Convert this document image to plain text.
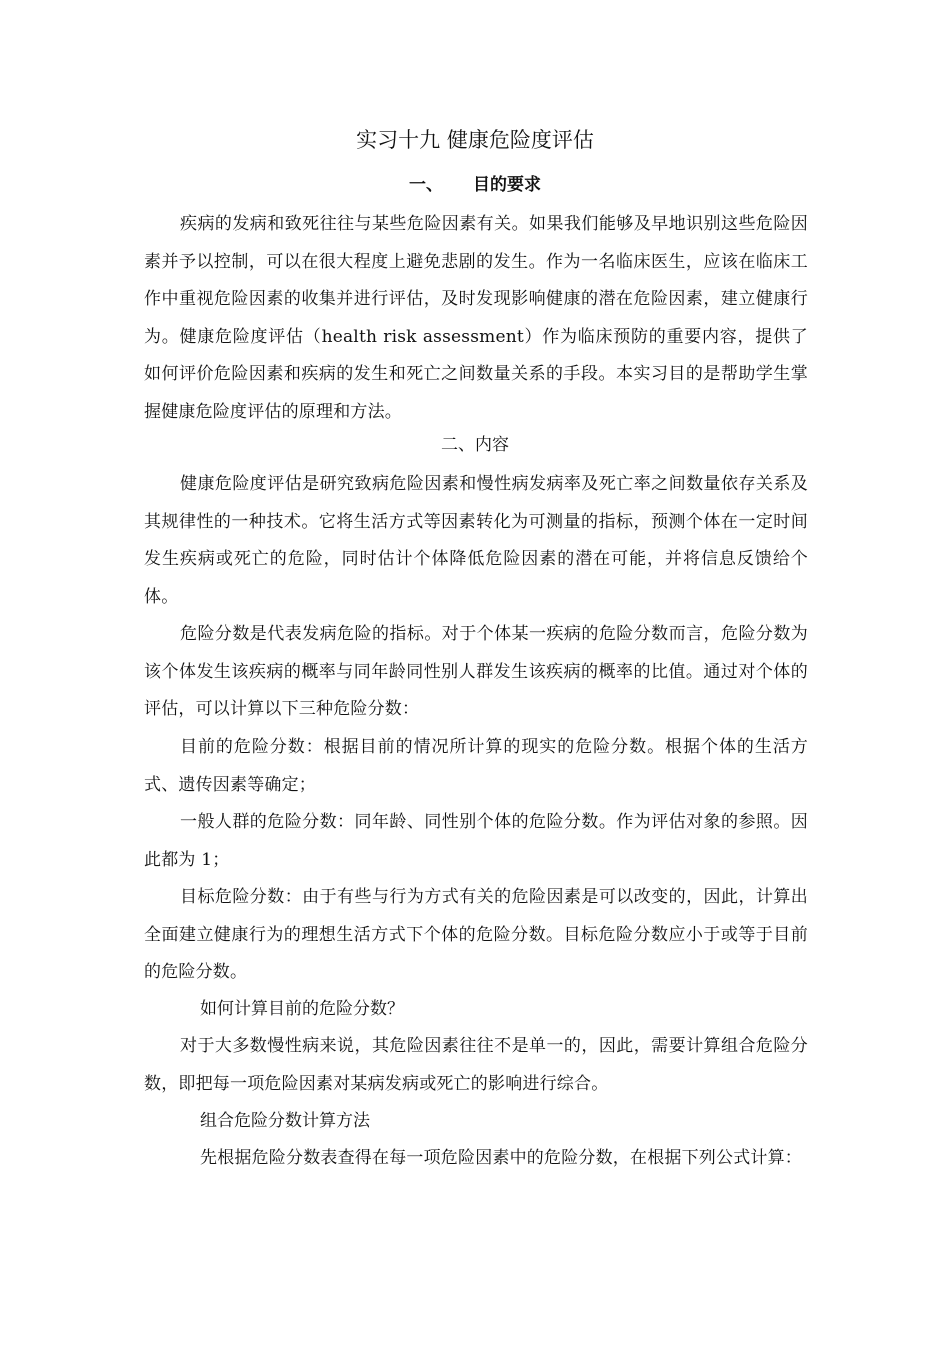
实习十九 健康危险度评估
一、 目的要求

疾病的发病和致死往往与某些危险因素有关。如果我们能够及早地识别这些危险因素并予以控制，可以在很大程度上避免悲剧的发生。作为一名临床医生，应该在临床工作中重视危险因素的收集并进行评估，及时发现影响健康的潜在危险因素，建立健康行为。健康危险度评估（health risk assessment）作为临床预防的重要内容，提供了如何评价危险因素和疾病的发生和死亡之间数量关系的手段。本实习目的是帮助学生掌握健康危险度评估的原理和方法。

二、内容

健康危险度评估是研究致病危险因素和慢性病发病率及死亡率之间数量依存关系及其规律性的一种技术。它将生活方式等因素转化为可测量的指标，预测个体在一定时间发生疾病或死亡的危险，同时估计个体降低危险因素的潜在可能，并将信息反馈给个体。

危险分数是代表发病危险的指标。对于个体某一疾病的危险分数而言，危险分数为该个体发生该疾病的概率与同年龄同性别人群发生该疾病的概率的比值。通过对个体的评估，可以计算以下三种危险分数：

目前的危险分数：根据目前的情况所计算的现实的危险分数。根据个体的生活方式、遗传因素等确定；

一般人群的危险分数：同年龄、同性别个体的危险分数。作为评估对象的参照。因此都为 1；

目标危险分数：由于有些与行为方式有关的危险因素是可以改变的，因此，计算出全面建立健康行为的理想生活方式下个体的危险分数。目标危险分数应小于或等于目前的危险分数。

如何计算目前的危险分数？

对于大多数慢性病来说，其危险因素往往不是单一的，因此，需要计算组合危险分数，即把每一项危险因素对某病发病或死亡的影响进行综合。

组合危险分数计算方法

先根据危险分数表查得在每一项危险因素中的危险分数，在根据下列公式计算：
